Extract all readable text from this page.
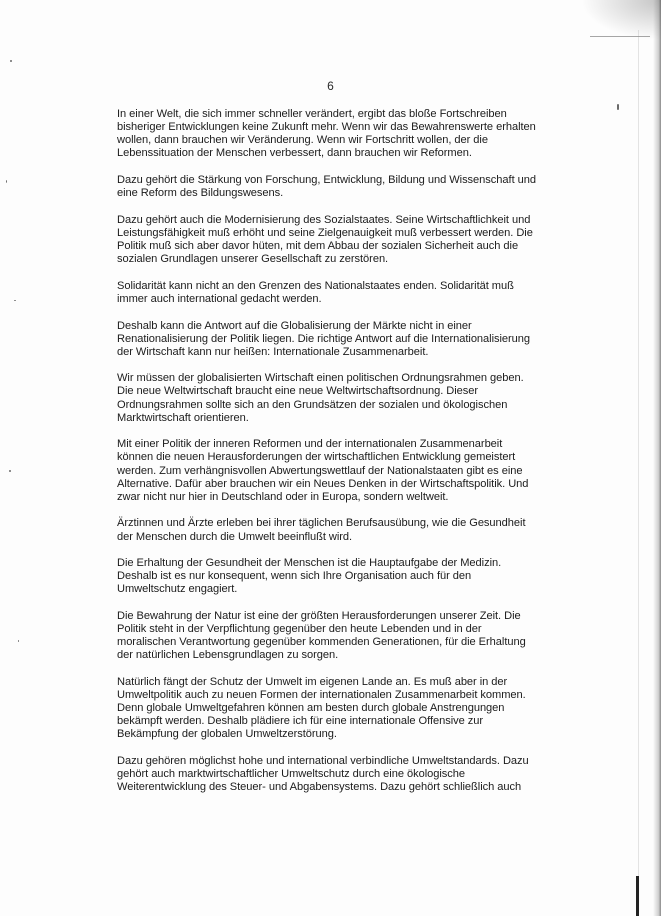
6

In einer Welt, die sich immer schneller verändert, ergibt das bloße Fortschreiben
bisheriger Entwicklungen keine Zukunft mehr. Wenn wir das Bewahrenswerte erhalten
wollen, dann brauchen wir Veränderung. Wenn wir Fortschritt wollen, der die
Lebenssituation der Menschen verbessert, dann brauchen wir Reformen.

Dazu gehört die Stärkung von Forschung, Entwicklung, Bildung und Wissenschaft und
eine Reform des Bildungswesens.

Dazu gehört auch die Modernisierung des Sozialstaates. Seine Wirtschaftlichkeit und
Leistungsfähigkeit muß erhöht und seine Zielgenauigkeit muß verbessert werden. Die
Politik muß sich aber davor hüten, mit dem Abbau der sozialen Sicherheit auch die
sozialen Grundlagen unserer Gesellschaft zu zerstören.

Solidarität kann nicht an den Grenzen des Nationalstaates enden. Solidarität muß
immer auch international gedacht werden.

Deshalb kann die Antwort auf die Globalisierung der Märkte nicht in einer
Renationalisierung der Politik liegen. Die richtige Antwort auf die Internationalisierung
der Wirtschaft kann nur heißen: Internationale Zusammenarbeit.

Wir müssen der globalisierten Wirtschaft einen politischen Ordnungsrahmen geben.
Die neue Weltwirtschaft braucht eine neue Weltwirtschaftsordnung. Dieser
Ordnungsrahmen sollte sich an den Grundsätzen der sozialen und ökologischen
Marktwirtschaft orientieren.

Mit einer Politik der inneren Reformen und der internationalen Zusammenarbeit
können die neuen Herausforderungen der wirtschaftlichen Entwicklung gemeistert
werden. Zum verhängnisvollen Abwertungswettlauf der Nationalstaaten gibt es eine
Alternative. Dafür aber brauchen wir ein Neues Denken in der Wirtschaftspolitik. Und
zwar nicht nur hier in Deutschland oder in Europa, sondern weltweit.

Ärztinnen und Ärzte erleben bei ihrer täglichen Berufsausübung, wie die Gesundheit
der Menschen durch die Umwelt beeinflußt wird.

Die Erhaltung der Gesundheit der Menschen ist die Hauptaufgabe der Medizin.
Deshalb ist es nur konsequent, wenn sich Ihre Organisation auch für den
Umweltschutz engagiert.

Die Bewahrung der Natur ist eine der größten Herausforderungen unserer Zeit. Die
Politik steht in der Verpflichtung gegenüber den heute Lebenden und in der
moralischen Verantwortung gegenüber kommenden Generationen, für die Erhaltung
der natürlichen Lebensgrundlagen zu sorgen.

Natürlich fängt der Schutz der Umwelt im eigenen Lande an. Es muß aber in der
Umweltpolitik auch zu neuen Formen der internationalen Zusammenarbeit kommen.
Denn globale Umweltgefahren können am besten durch globale Anstrengungen
bekämpft werden. Deshalb plädiere ich für eine internationale Offensive zur
Bekämpfung der globalen Umweltzerstörung.

Dazu gehören möglichst hohe und international verbindliche Umweltstandards. Dazu
gehört auch marktwirtschaftlicher Umweltschutz durch eine ökologische
Weiterentwicklung des Steuer- und Abgabensystems. Dazu gehört schließlich auch
